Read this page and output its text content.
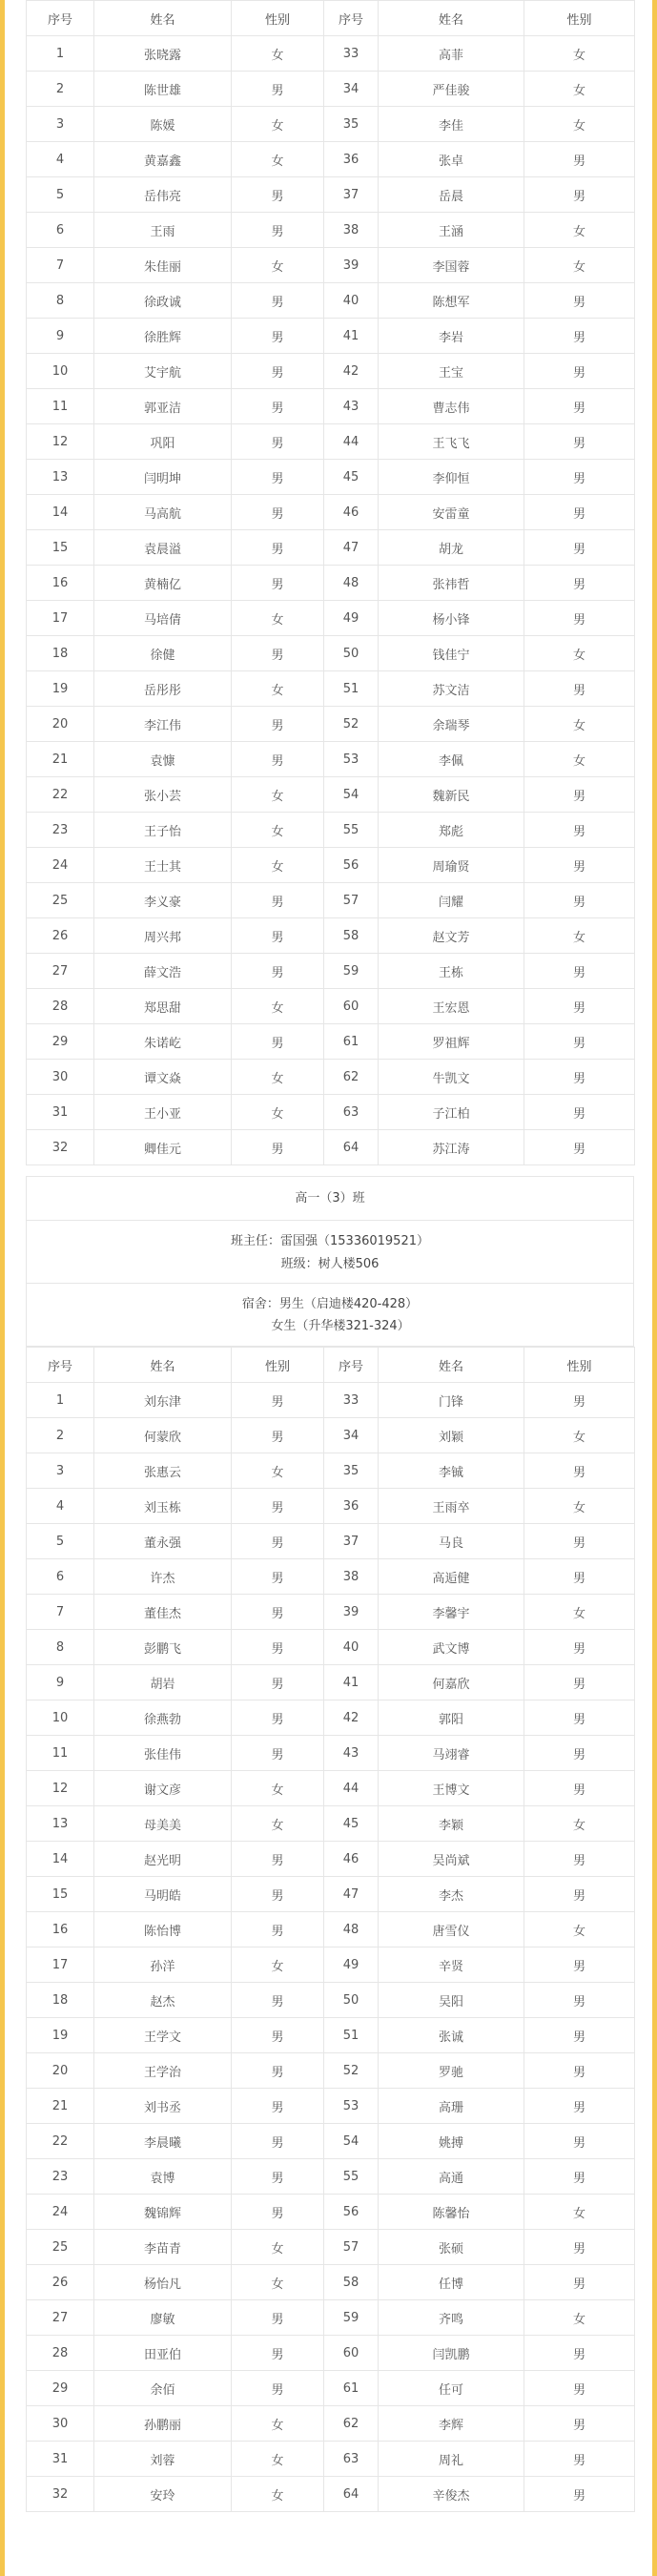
序号	姓名	性别	序号	姓名	性别
1	张晓露	女	33	高菲	女
2	陈世雄	男	34	严佳骏	女
3	陈媛	女	35	李佳	女
4	黄嘉鑫	女	36	张卓	男
5	岳伟亮	男	37	岳晨	男
6	王雨	男	38	王涵	女
7	朱佳丽	女	39	李国蓉	女
8	徐政诚	男	40	陈想军	男
9	徐胜辉	男	41	李岩	男
10	艾宇航	男	42	王宝	男
11	郭亚洁	男	43	曹志伟	男
12	巩阳	男	44	王飞飞	男
13	闫明坤	男	45	李仰恒	男
14	马高航	男	46	安雷童	男
15	袁晨溢	男	47	胡龙	男
16	黄楠亿	男	48	张祎哲	男
17	马培倩	女	49	杨小锋	男
18	徐健	男	50	钱佳宁	女
19	岳彤彤	女	51	苏文洁	男
20	李江伟	男	52	余瑞琴	女
21	袁慷	男	53	李佩	女
22	张小芸	女	54	魏新民	男
23	王子怡	女	55	郑彪	男
24	王士其	女	56	周瑜贤	男
25	李义豪	男	57	闫耀	男
26	周兴邦	男	58	赵文芳	女
27	薛文浩	男	59	王栋	男
28	郑思甜	女	60	王宏恩	男
29	朱诺屹	男	61	罗祖辉	男
30	谭文焱	女	62	牛凯文	男
31	王小亚	女	63	子江柏	男
32	卿佳元	男	64	苏江涛	男
高一（3）班
班主任：雷国强（15336019521）
班级：树人楼506
宿舍：男生（启迪楼420-428）
女生（升华楼321-324）
序号	姓名	性别	序号	姓名	性别
1	刘东津	男	33	门锋	男
2	何蒙欣	男	34	刘颖	女
3	张惠云	女	35	李铖	男
4	刘玉栋	男	36	王雨卒	女
5	董永强	男	37	马良	男
6	许杰	男	38	高逅健	男
7	董佳杰	男	39	李馨宇	女
8	彭鹏飞	男	40	武文博	男
9	胡岩	男	41	何嘉欣	男
10	徐燕勃	男	42	郭阳	男
11	张佳伟	男	43	马翊睿	男
12	谢文彦	女	44	王博文	男
13	母美美	女	45	李颖	女
14	赵光明	男	46	吴尚斌	男
15	马明皓	男	47	李杰	男
16	陈怡博	男	48	唐雪仪	女
17	孙洋	女	49	辛贤	男
18	赵杰	男	50	吴阳	男
19	王学文	男	51	张诚	男
20	王学治	男	52	罗驰	男
21	刘书丞	男	53	高珊	男
22	李晨曦	男	54	姚搏	男
23	袁博	男	55	高通	男
24	魏锦辉	男	56	陈馨怡	女
25	李苗青	女	57	张硕	男
26	杨怡凡	女	58	任博	男
27	廖敏	男	59	齐鸣	女
28	田亚伯	男	60	闫凯鹏	男
29	余佰	男	61	任可	男
30	孙鹏丽	女	62	李辉	男
31	刘蓉	女	63	周礼	男
32	安玲	女	64	辛俊杰	男
